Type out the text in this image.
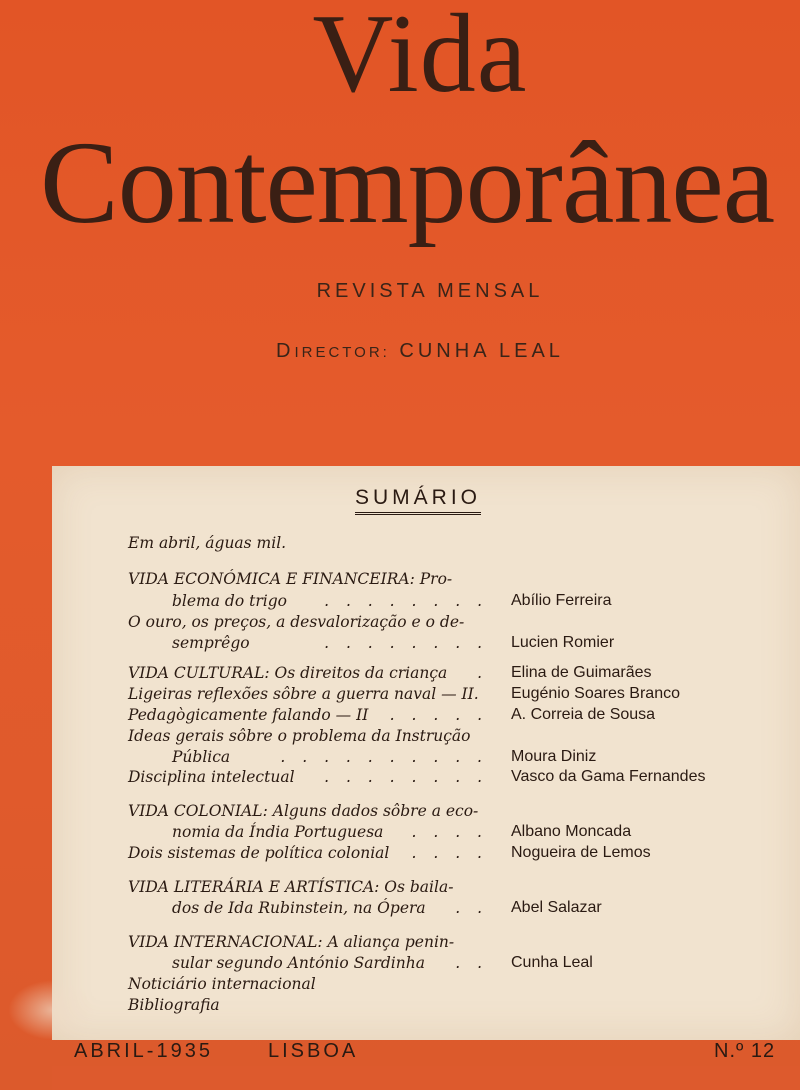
Vida
Contemporânea
REVISTA MENSAL
DIRECTOR: CUNHA LEAL
SUMÁRIO
Em abril, águas mil.
VIDA ECONÓMICA E FINANCEIRA: Pro-
blema do trigo	. . . . . . . . Abílio Ferreira
O ouro, os preços, a desvalorização e o de-
semprêgo	. . . . . . . . Lucien Romier
VIDA CULTURAL: Os direitos da criança	. Elina de Guimarães
Ligeiras reflexões sôbre a guerra naval — II. Eugénio Soares Branco
Pedagògicamente falando — II	. . . . . A. Correia de Sousa
Ideas gerais sôbre o problema da Instrução
Pública	. . . . . . . . . . Moura Diniz
Disciplina intelectual	. . . . . . . . Vasco da Gama Fernandes
VIDA COLONIAL: Alguns dados sôbre a eco-
nomia da Índia Portuguesa	. . . . Albano Moncada
Dois sistemas de política colonial	. . . . Nogueira de Lemos
VIDA LITERÁRIA E ARTÍSTICA: Os baila-
dos de Ida Rubinstein, na Ópera	. . Abel Salazar
VIDA INTERNACIONAL: A aliança penin-
sular segundo António Sardinha	. . Cunha Leal
Noticiário internacional
Bibliografia
ABRIL-1935	LISBOA	N.º 12
